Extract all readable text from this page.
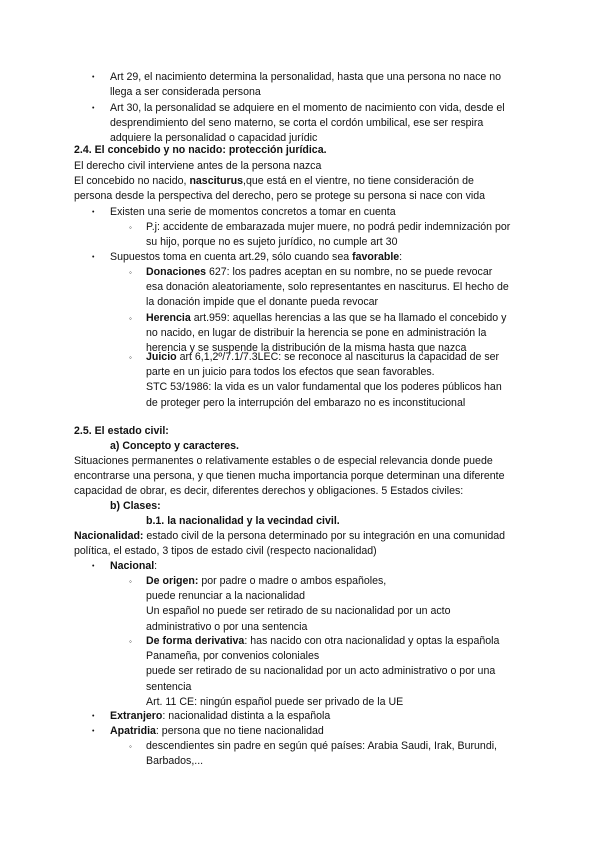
• Art 29, el nacimiento determina la personalidad, hasta que una persona no nace no
llega a ser considerada persona
• Art 30, la personalidad se adquiere en el momento de nacimiento con vida, desde el
desprendimiento del seno materno, se corta el cordón umbilical, ese ser respira
adquiere la personalidad o capacidad jurídic
2.4. El concebido y no nacido: protección jurídica.
El derecho civil interviene antes de la persona nazca
El concebido no nacido, nasciturus,que está en el vientre, no tiene consideración de
persona desde la perspectiva del derecho, pero se protege su persona si nace con vida
• Existen una serie de momentos concretos a tomar en cuenta
◦ P.j: accidente de embarazada mujer muere, no podrá pedir indemnización por
su hijo, porque no es sujeto jurídico, no cumple art 30
• Supuestos toma en cuenta art.29, sólo cuando sea favorable:
◦ Donaciones 627: los padres aceptan en su nombre, no se puede revocar
esa donación aleatoriamente, solo representantes en nasciturus. El hecho de
la donación impide que el donante pueda revocar
◦ Herencia art.959: aquellas herencias a las que se ha llamado el concebido y
no nacido, en lugar de distribuir la herencia se pone en administración la
herencia y se suspende la distribución de la misma hasta que nazca
◦ Juicio art 6,1,2º/7.1/7.3LEC: se reconoce al nasciturus la capacidad de ser
parte en un juicio para todos los efectos que sean favorables.
STC 53/1986: la vida es un valor fundamental que los poderes públicos han
de proteger pero la interrupción del embarazo no es inconstitucional
2.5. El estado civil:
a) Concepto y caracteres.
Situaciones permanentes o relativamente estables o de especial relevancia donde puede
encontrarse una persona, y que tienen mucha importancia porque determinan una diferente
capacidad de obrar, es decir, diferentes derechos y obligaciones. 5 Estados civiles:
b) Clases:
b.1. la nacionalidad y la vecindad civil.
Nacionalidad: estado civil de la persona determinado por su integración en una comunidad
política, el estado, 3 tipos de estado civil (respecto nacionalidad)
• Nacional:
◦ De origen: por padre o madre o ambos españoles,
puede renunciar a la nacionalidad
Un español no puede ser retirado de su nacionalidad por un acto
administrativo o por una sentencia
◦ De forma derivativa: has nacido con otra nacionalidad y optas la española
Panameña, por convenios coloniales
puede ser retirado de su nacionalidad por un acto administrativo o por una
sentencia
Art. 11 CE: ningún español puede ser privado de la UE
• Extranjero: nacionalidad distinta a la española
• Apatridia: persona que no tiene nacionalidad
◦ descendientes sin padre en según qué países: Arabia Saudi, Irak, Burundi,
Barbados,...
